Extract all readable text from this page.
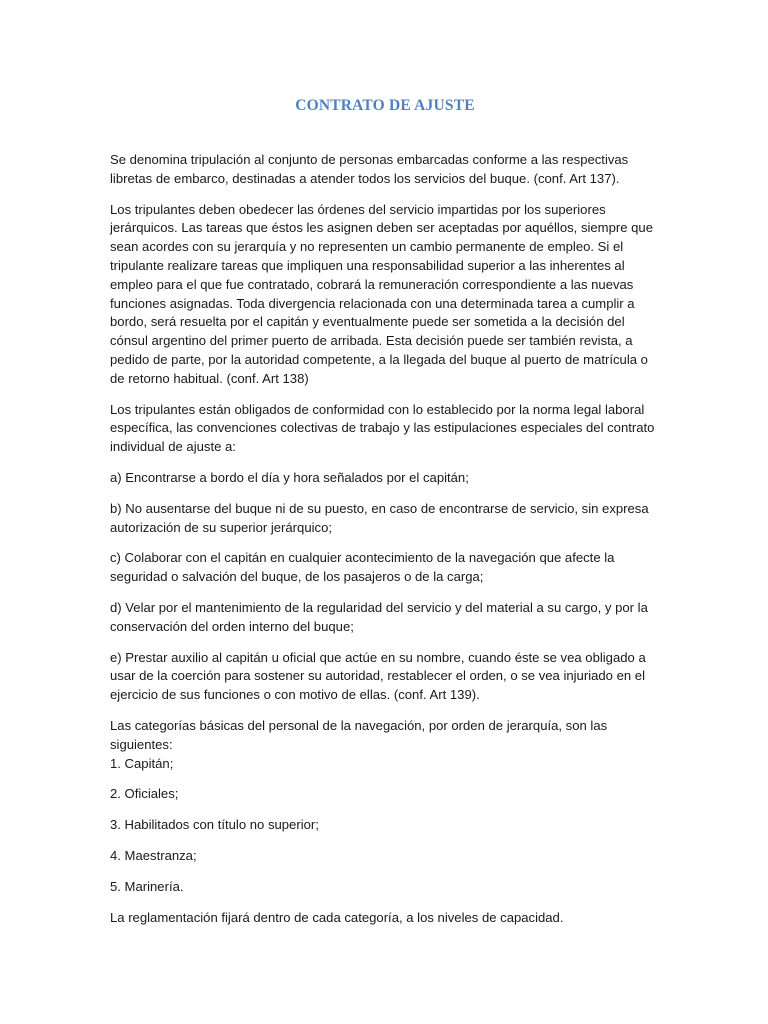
CONTRATO DE AJUSTE

Se denomina tripulación al conjunto de personas embarcadas conforme a las respectivas libretas de embarco, destinadas a atender todos los servicios del buque. (conf. Art 137).

Los tripulantes deben obedecer las órdenes del servicio impartidas por los superiores jerárquicos. Las tareas que éstos les asignen deben ser aceptadas por aquéllos, siempre que sean acordes con su jerarquía y no representen un cambio permanente de empleo. Si el tripulante realizare tareas que impliquen una responsabilidad superior a las inherentes al empleo para el que fue contratado, cobrará la remuneración correspondiente a las nuevas funciones asignadas. Toda divergencia relacionada con una determinada tarea a cumplir a bordo, será resuelta por el capitán y eventualmente puede ser sometida a la decisión del cónsul argentino del primer puerto de arribada. Esta decisión puede ser también revista, a pedido de parte, por la autoridad competente, a la llegada del buque al puerto de matrícula o de retorno habitual. (conf. Art 138)

Los tripulantes están obligados de conformidad con lo establecido por la norma legal laboral específica, las convenciones colectivas de trabajo y las estipulaciones especiales del contrato individual de ajuste a:

a) Encontrarse a bordo el día y hora señalados por el capitán;

b) No ausentarse del buque ni de su puesto, en caso de encontrarse de servicio, sin expresa autorización de su superior jerárquico;

c) Colaborar con el capitán en cualquier acontecimiento de la navegación que afecte la seguridad o salvación del buque, de los pasajeros o de la carga;

d) Velar por el mantenimiento de la regularidad del servicio y del material a su cargo, y por la conservación del orden interno del buque;

e) Prestar auxilio al capitán u oficial que actúe en su nombre, cuando éste se vea obligado a usar de la coerción para sostener su autoridad, restablecer el orden, o se vea injuriado en el ejercicio de sus funciones o con motivo de ellas. (conf. Art 139).

Las categorías básicas del personal de la navegación, por orden de jerarquía, son las siguientes:

1. Capitán;

2. Oficiales;

3. Habilitados con título no superior;

4. Maestranza;

5. Marinería.

La reglamentación fijará dentro de cada categoría, a los niveles de capacidad.
